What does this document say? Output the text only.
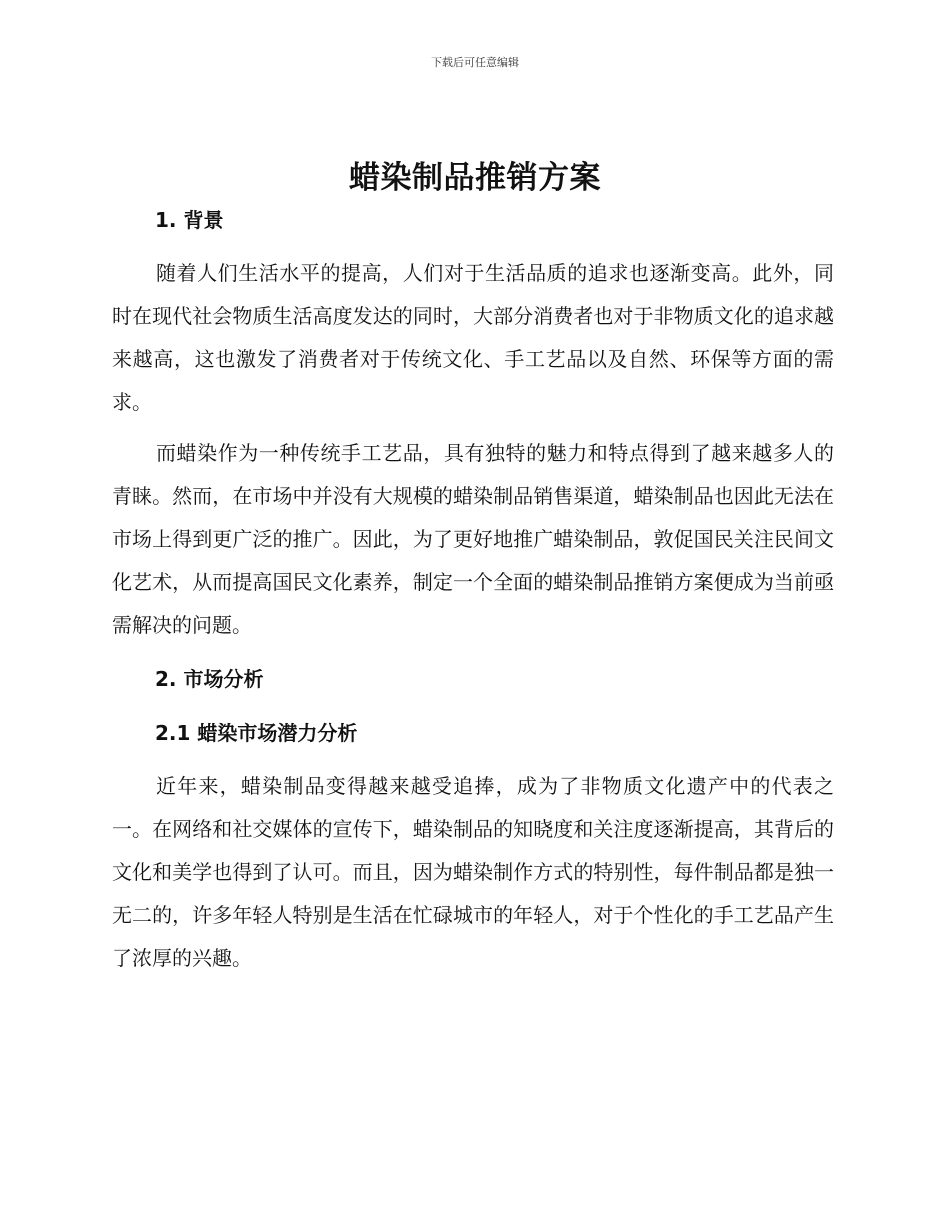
下载后可任意编辑
蜡染制品推销方案

1. 背景

随着人们生活水平的提高，人们对于生活品质的追求也逐渐变高。此外，同时在现代社会物质生活高度发达的同时，大部分消费者也对于非物质文化的追求越来越高，这也激发了消费者对于传统文化、手工艺品以及自然、环保等方面的需求。

而蜡染作为一种传统手工艺品，具有独特的魅力和特点得到了越来越多人的青睐。然而，在市场中并没有大规模的蜡染制品销售渠道，蜡染制品也因此无法在市场上得到更广泛的推广。因此，为了更好地推广蜡染制品，敦促国民关注民间文化艺术，从而提高国民文化素养，制定一个全面的蜡染制品推销方案便成为当前亟需解决的问题。

2. 市场分析

2.1 蜡染市场潜力分析

近年来，蜡染制品变得越来越受追捧，成为了非物质文化遗产中的代表之一。在网络和社交媒体的宣传下，蜡染制品的知晓度和关注度逐渐提高，其背后的文化和美学也得到了认可。而且，因为蜡染制作方式的特别性，每件制品都是独一无二的，许多年轻人特别是生活在忙碌城市的年轻人，对于个性化的手工艺品产生了浓厚的兴趣。
